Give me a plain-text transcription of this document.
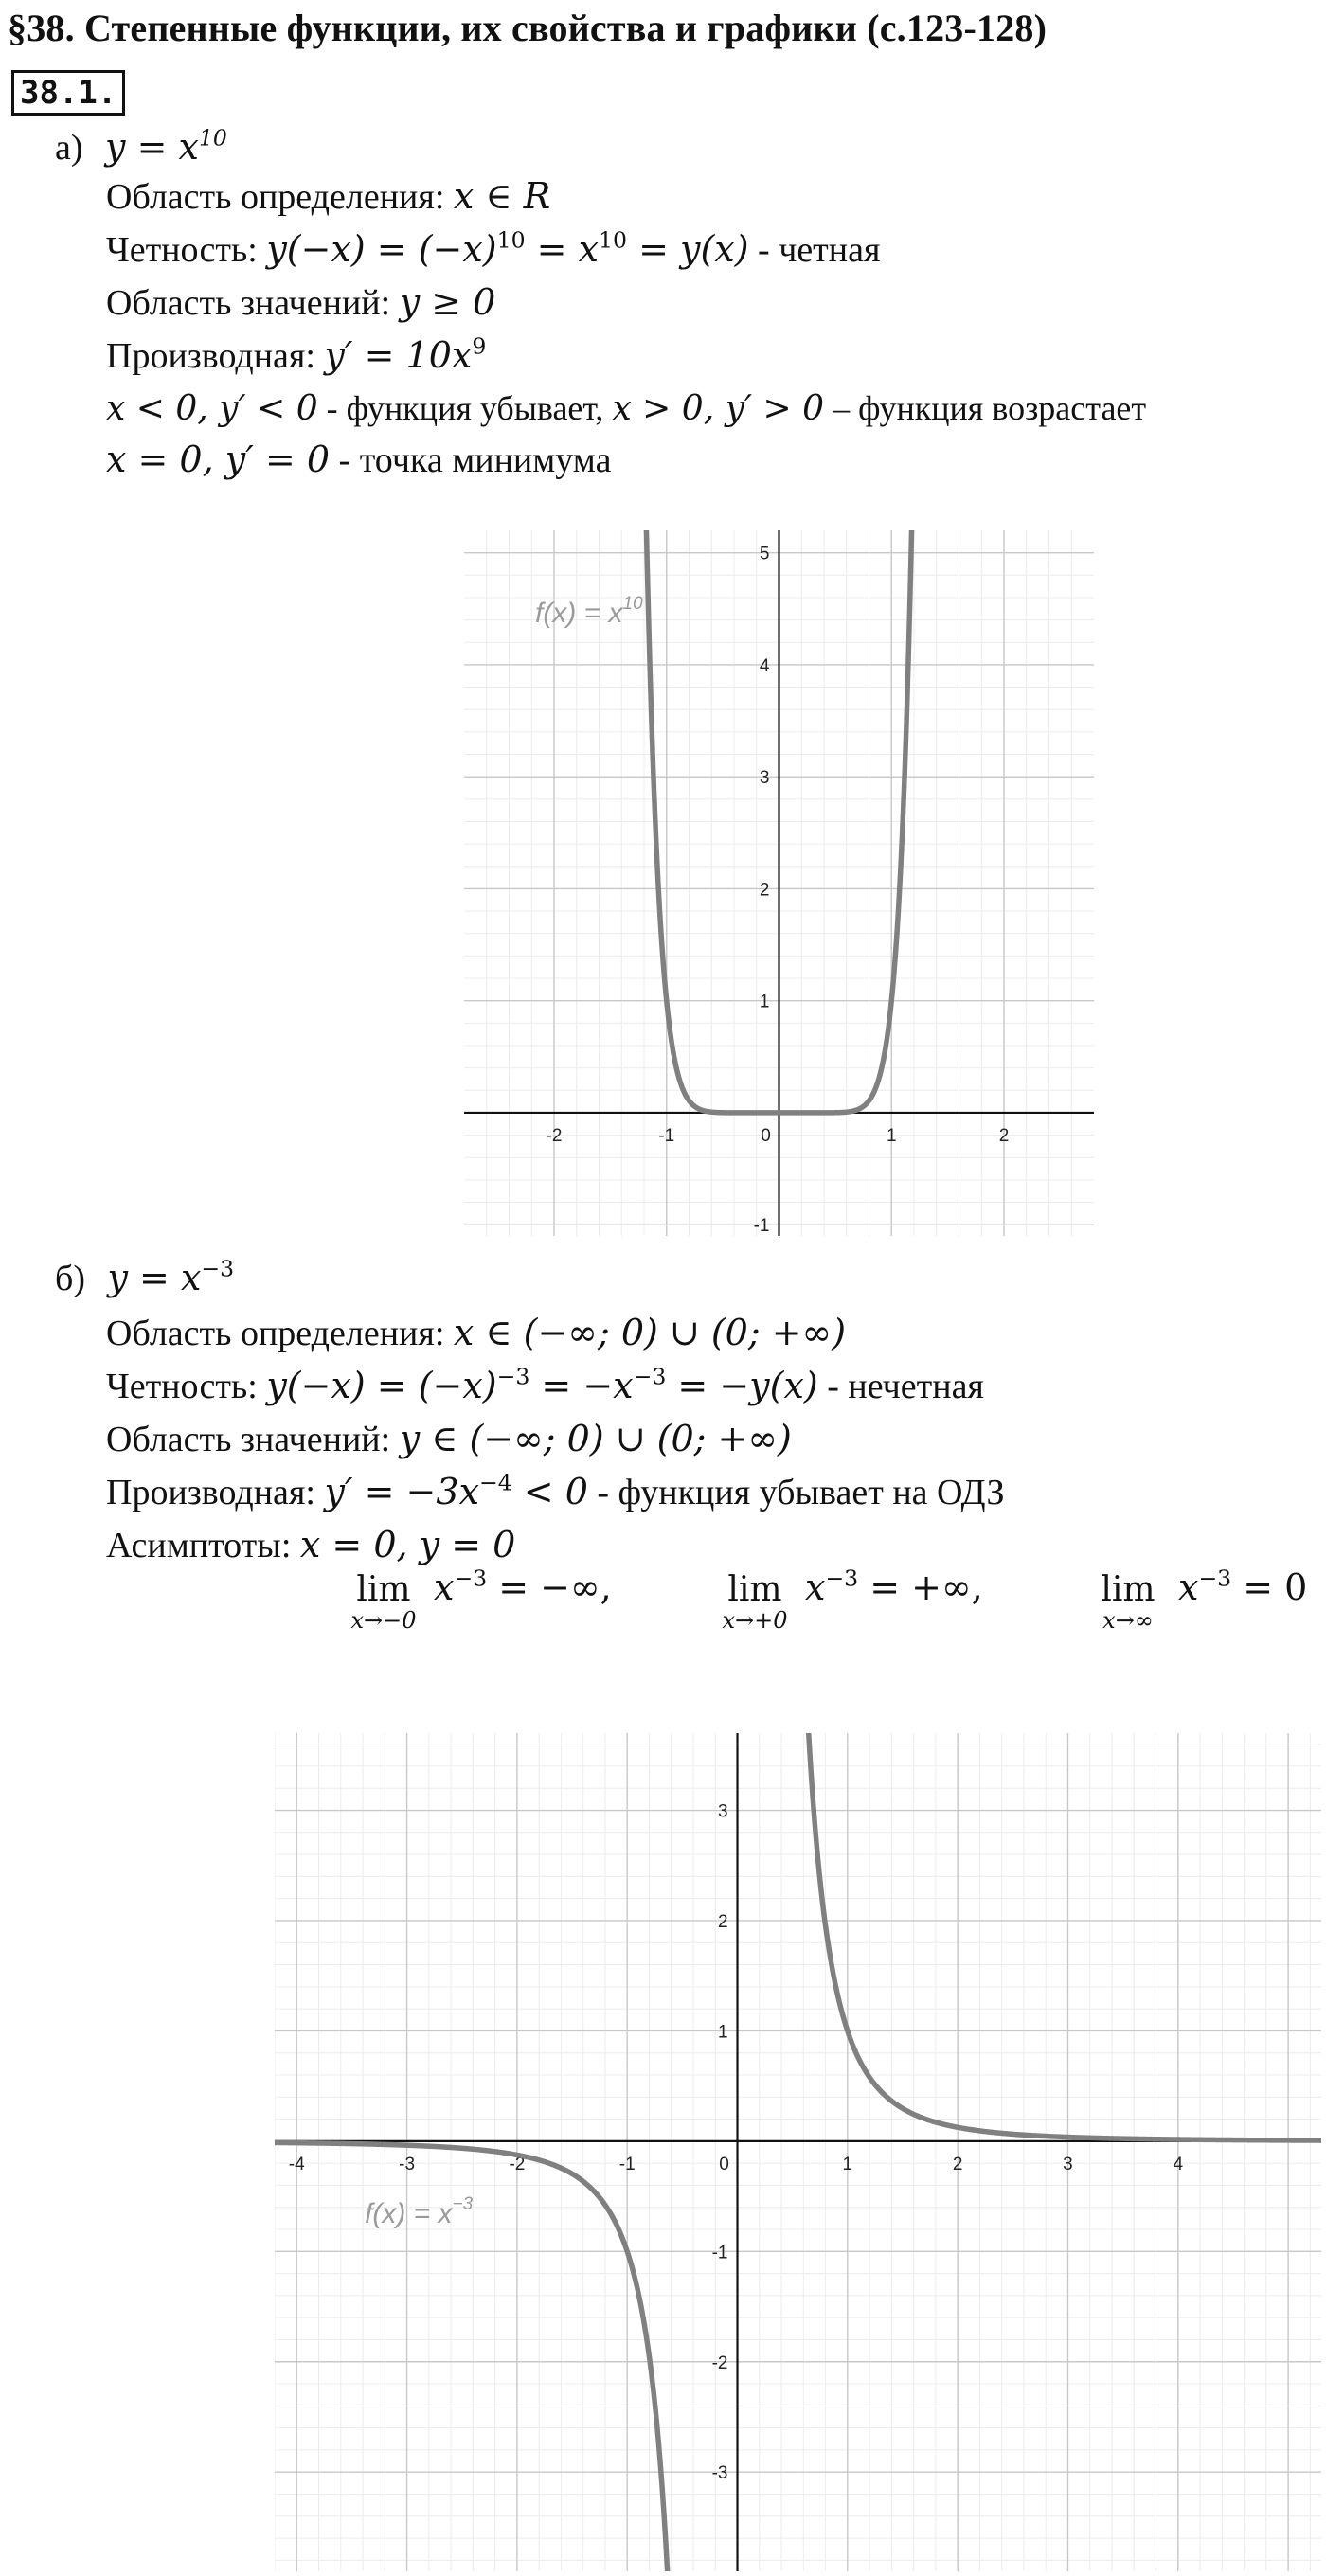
§38. Степенные функции, их свойства и графики (с.123-128)
38.1.
а) $y = x^{10}$
Область определения: x ∈ R
Четность: $y(-x) = (-x)^{10} = x^{10} = y(x)$ - четная
Область значений: y ≥ 0
Производная: $y' = 10x^9$
x < 0, y′ < 0 - функция убывает, x > 0, y′ > 0 – функция возрастает
x = 0, y′ = 0 - точка минимума
-2	-1	0	1	2
-1
1
2
3
4
5
$f(x) = x^{10}$
б) $y = x^{-3}$
Область определения: x ∈ (−∞; 0) ∪ (0; +∞)
Четность: $y(-x) = (-x)^{-3} = -x^{-3} = -y(x)$ - нечетная
Область значений: y ∈ (−∞; 0) ∪ (0; +∞)
Производная: $y' = -3x^{-4} < 0$ - функция убывает на ОДЗ
Асимптоты: x = 0, y = 0
lim
x→−0
$x^{-3}$ = −∞,	lim
x→+0
$x^{-3}$ = +∞,	lim
x→∞
$x^{-3} = 0$
-4	-3	-2	-1	0	1	2	3	4
-3
-2
-1
1
2
3
$f(x) = x^{-3}$
